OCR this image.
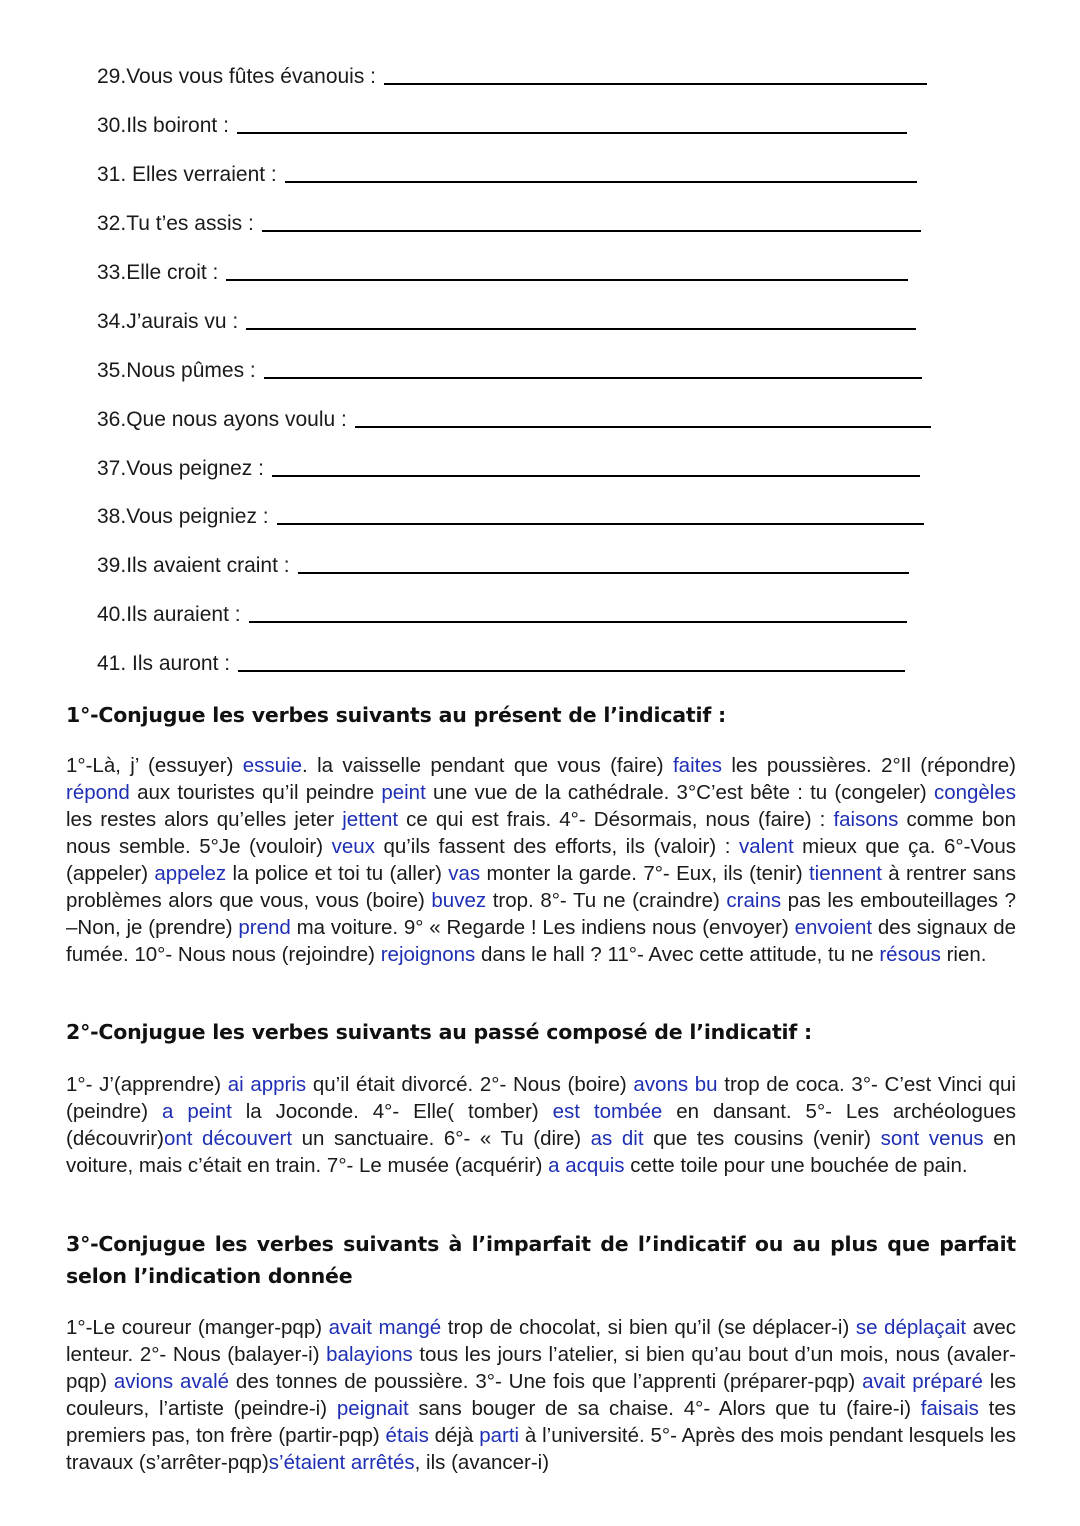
29.Vous vous fûtes évanouis :
30.Ils boiront :
31. Elles verraient :
32.Tu t’es assis :
33.Elle croit :
34.J’aurais vu :
35.Nous pûmes :
36.Que nous ayons voulu :
37.Vous peignez :
38.Vous peigniez :
39.Ils avaient craint :
40.Ils auraient :
41. Ils auront :
1°-Conjugue les verbes suivants au présent de l’indicatif :

1°-Là, j’ (essuyer) essuie. la vaisselle pendant que vous (faire) faites les poussières. 2°Il (répondre) répond aux touristes qu’il peindre peint une vue de la cathédrale. 3°C’est bête : tu (congeler) congèles les restes alors qu’elles jeter jettent ce qui est frais. 4°- Désormais, nous (faire) : faisons comme bon nous semble. 5°Je (vouloir) veux qu’ils fassent des efforts, ils (valoir) : valent mieux que ça. 6°-Vous (appeler) appelez la police et toi tu (aller) vas monter la garde. 7°- Eux, ils (tenir) tiennent à rentrer sans problèmes alors que vous, vous (boire) buvez trop. 8°- Tu ne (craindre) crains pas les embouteillages ? –Non, je (prendre) prend ma voiture. 9° « Regarde ! Les indiens nous (envoyer) envoient des signaux de fumée. 10°- Nous nous (rejoindre) rejoignons dans le hall ? 11°- Avec cette attitude, tu ne résous rien.

2°-Conjugue les verbes suivants au passé composé de l’indicatif :

1°- J’(apprendre) ai appris qu’il était divorcé. 2°- Nous (boire) avons bu trop de coca. 3°- C’est Vinci qui (peindre) a peint la Joconde. 4°- Elle( tomber) est tombée en dansant. 5°- Les archéologues (découvrir)ont découvert un sanctuaire. 6°- « Tu (dire) as dit que tes cousins (venir) sont venus en voiture, mais c’était en train. 7°- Le musée (acquérir) a acquis cette toile pour une bouchée de pain.

3°-Conjugue les verbes suivants à l’imparfait de l’indicatif ou au plus que parfait selon l’indication donnée

1°-Le coureur (manger-pqp) avait mangé trop de chocolat, si bien qu’il (se déplacer-i) se déplaçait avec lenteur. 2°- Nous (balayer-i) balayions tous les jours l’atelier, si bien qu’au bout d’un mois, nous (avaler-pqp) avions avalé des tonnes de poussière. 3°- Une fois que l’apprenti (préparer-pqp) avait préparé les couleurs, l’artiste (peindre-i) peignait sans bouger de sa chaise. 4°- Alors que tu (faire-i) faisais tes premiers pas, ton frère (partir-pqp) étais déjà parti à l’université. 5°- Après des mois pendant lesquels les travaux (s’arrêter-pqp)s’étaient arrêtés, ils (avancer-i)
